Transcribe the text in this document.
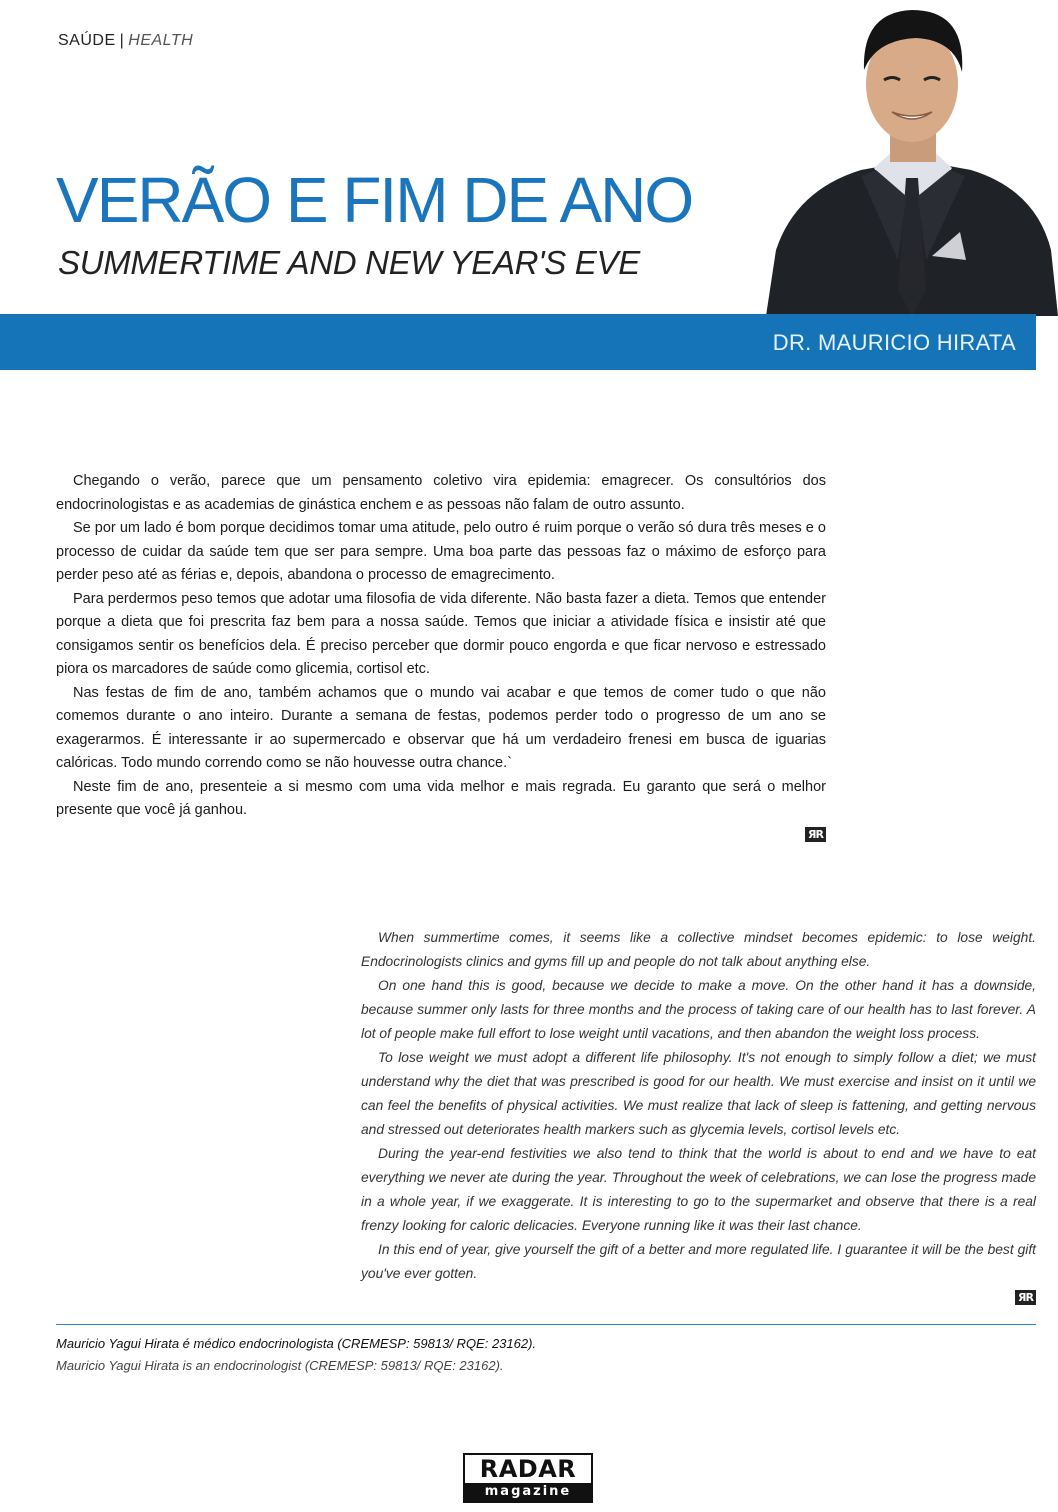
SAÚDE | HEALTH
VERÃO E FIM DE ANO
SUMMERTIME AND NEW YEAR'S EVE
DR. MAURICIO HIRATA

Chegando o verão, parece que um pensamento coletivo vira epidemia: emagrecer. Os consultórios dos endocrinologistas e as academias de ginástica enchem e as pessoas não falam de outro assunto.

Se por um lado é bom porque decidimos tomar uma atitude, pelo outro é ruim porque o verão só dura três meses e o processo de cuidar da saúde tem que ser para sempre. Uma boa parte das pessoas faz o máximo de esforço para perder peso até as férias e, depois, abandona o processo de emagrecimento.

Para perdermos peso temos que adotar uma filosofia de vida diferente. Não basta fazer a dieta. Temos que entender porque a dieta que foi prescrita faz bem para a nossa saúde. Temos que iniciar a atividade física e insistir até que consigamos sentir os benefícios dela. É preciso perceber que dormir pouco engorda e que ficar nervoso e estressado piora os marcadores de saúde como glicemia, cortisol etc.

Nas festas de fim de ano, também achamos que o mundo vai acabar e que temos de comer tudo o que não comemos durante o ano inteiro. Durante a semana de festas, podemos perder todo o progresso de um ano se exagerarmos. É interessante ir ao supermercado e observar que há um verdadeiro frenesi em busca de iguarias calóricas. Todo mundo correndo como se não houvesse outra chance.`

Neste fim de ano, presenteie a si mesmo com uma vida melhor e mais regrada. Eu garanto que será o melhor presente que você já ganhou.

ЯR

When summertime comes, it seems like a collective mindset becomes epidemic: to lose weight. Endocrinologists clinics and gyms fill up and people do not talk about anything else.

On one hand this is good, because we decide to make a move. On the other hand it has a downside, because summer only lasts for three months and the process of taking care of our health has to last forever. A lot of people make full effort to lose weight until vacations, and then abandon the weight loss process.

To lose weight we must adopt a different life philosophy. It's not enough to simply follow a diet; we must understand why the diet that was prescribed is good for our health. We must exercise and insist on it until we can feel the benefits of physical activities. We must realize that lack of sleep is fattening, and getting nervous and stressed out deteriorates health markers such as glycemia levels, cortisol levels etc.

During the year-end festivities we also tend to think that the world is about to end and we have to eat everything we never ate during the year. Throughout the week of celebrations, we can lose the progress made in a whole year, if we exaggerate. It is interesting to go to the supermarket and observe that there is a real frenzy looking for caloric delicacies. Everyone running like it was their last chance.

In this end of year, give yourself the gift of a better and more regulated life. I guarantee it will be the best gift you've ever gotten.

ЯR
Mauricio Yagui Hirata é médico endocrinologista (CREMESP: 59813/ RQE: 23162).
Mauricio Yagui Hirata is an endocrinologist (CREMESP: 59813/ RQE: 23162).
RADAR
magazine
